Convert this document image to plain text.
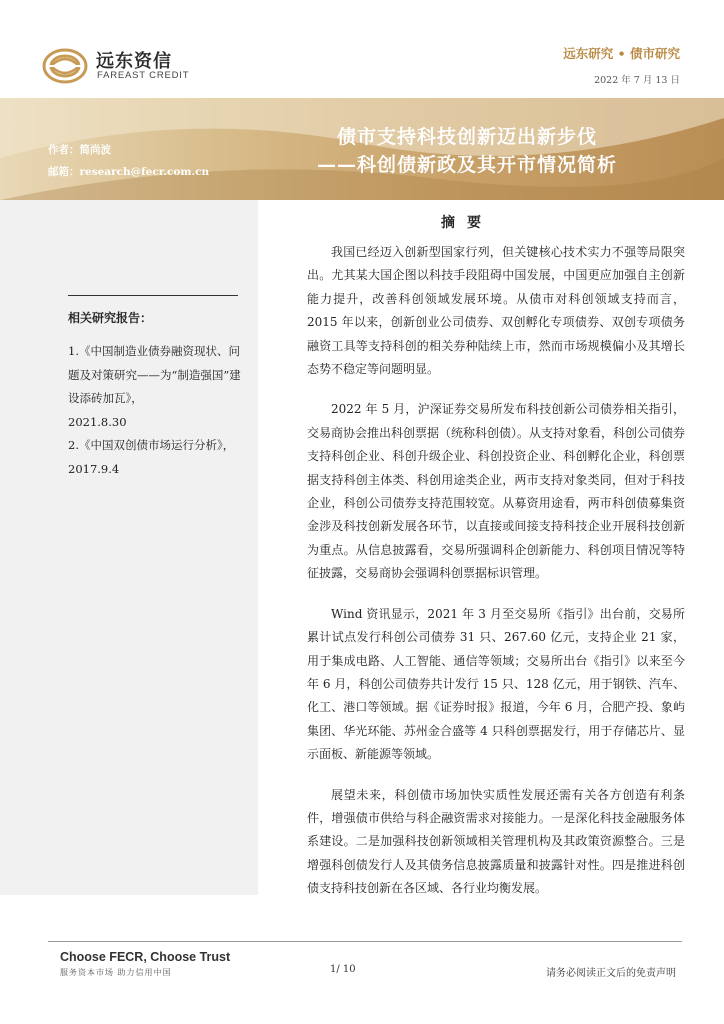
远东资信
FAREAST CREDIT
远东研究 • 债市研究
2022 年 7 月 13 日
作者：简尚波
邮箱：research@fecr.com.cn
债市支持科技创新迈出新步伐
——科创债新政及其开市情况简析
相关研究报告：

1.《中国制造业债券融资现状、问题及对策研究——为“制造强国”建设添砖加瓦》，

2021.8.30

2.《中国双创债市场运行分析》，

2017.9.4

摘要

我国已经迈入创新型国家行列，但关键核心技术实力不强等局限突出。尤其某大国企图以科技手段阻碍中国发展，中国更应加强自主创新能力提升，改善科创领域发展环境。从债市对科创领域支持而言，2015 年以来，创新创业公司债券、双创孵化专项债券、双创专项债务融资工具等支持科创的相关券种陆续上市，然而市场规模偏小及其增长态势不稳定等问题明显。

2022 年 5 月，沪深证券交易所发布科技创新公司债券相关指引，交易商协会推出科创票据（统称科创债）。从支持对象看，科创公司债券支持科创企业、科创升级企业、科创投资企业、科创孵化企业，科创票据支持科创主体类、科创用途类企业，两市支持对象类同，但对于科技企业，科创公司债券支持范围较宽。从募资用途看，两市科创债募集资金涉及科技创新发展各环节，以直接或间接支持科技企业开展科技创新为重点。从信息披露看，交易所强调科企创新能力、科创项目情况等特征披露，交易商协会强调科创票据标识管理。

Wind 资讯显示，2021 年 3 月至交易所《指引》出台前，交易所累计试点发行科创公司债券 31 只、267.60 亿元，支持企业 21 家，用于集成电路、人工智能、通信等领域；交易所出台《指引》以来至今年 6 月，科创公司债券共计发行 15 只、128 亿元，用于钢铁、汽车、化工、港口等领域。据《证券时报》报道，今年 6 月，合肥产投、象屿集团、华光环能、苏州金合盛等 4 只科创票据发行，用于存储芯片、显示面板、新能源等领域。

展望未来，科创债市场加快实质性发展还需有关各方创造有利条件，增强债市供给与科企融资需求对接能力。一是深化科技金融服务体系建设。二是加强科技创新领域相关管理机构及其政策资源整合。三是增强科创债发行人及其债务信息披露质量和披露针对性。四是推进科创债支持科技创新在各区域、各行业均衡发展。

Choose FECR, Choose Trust
服务资本市场 助力信用中国	1/ 10	请务必阅读正文后的免责声明
